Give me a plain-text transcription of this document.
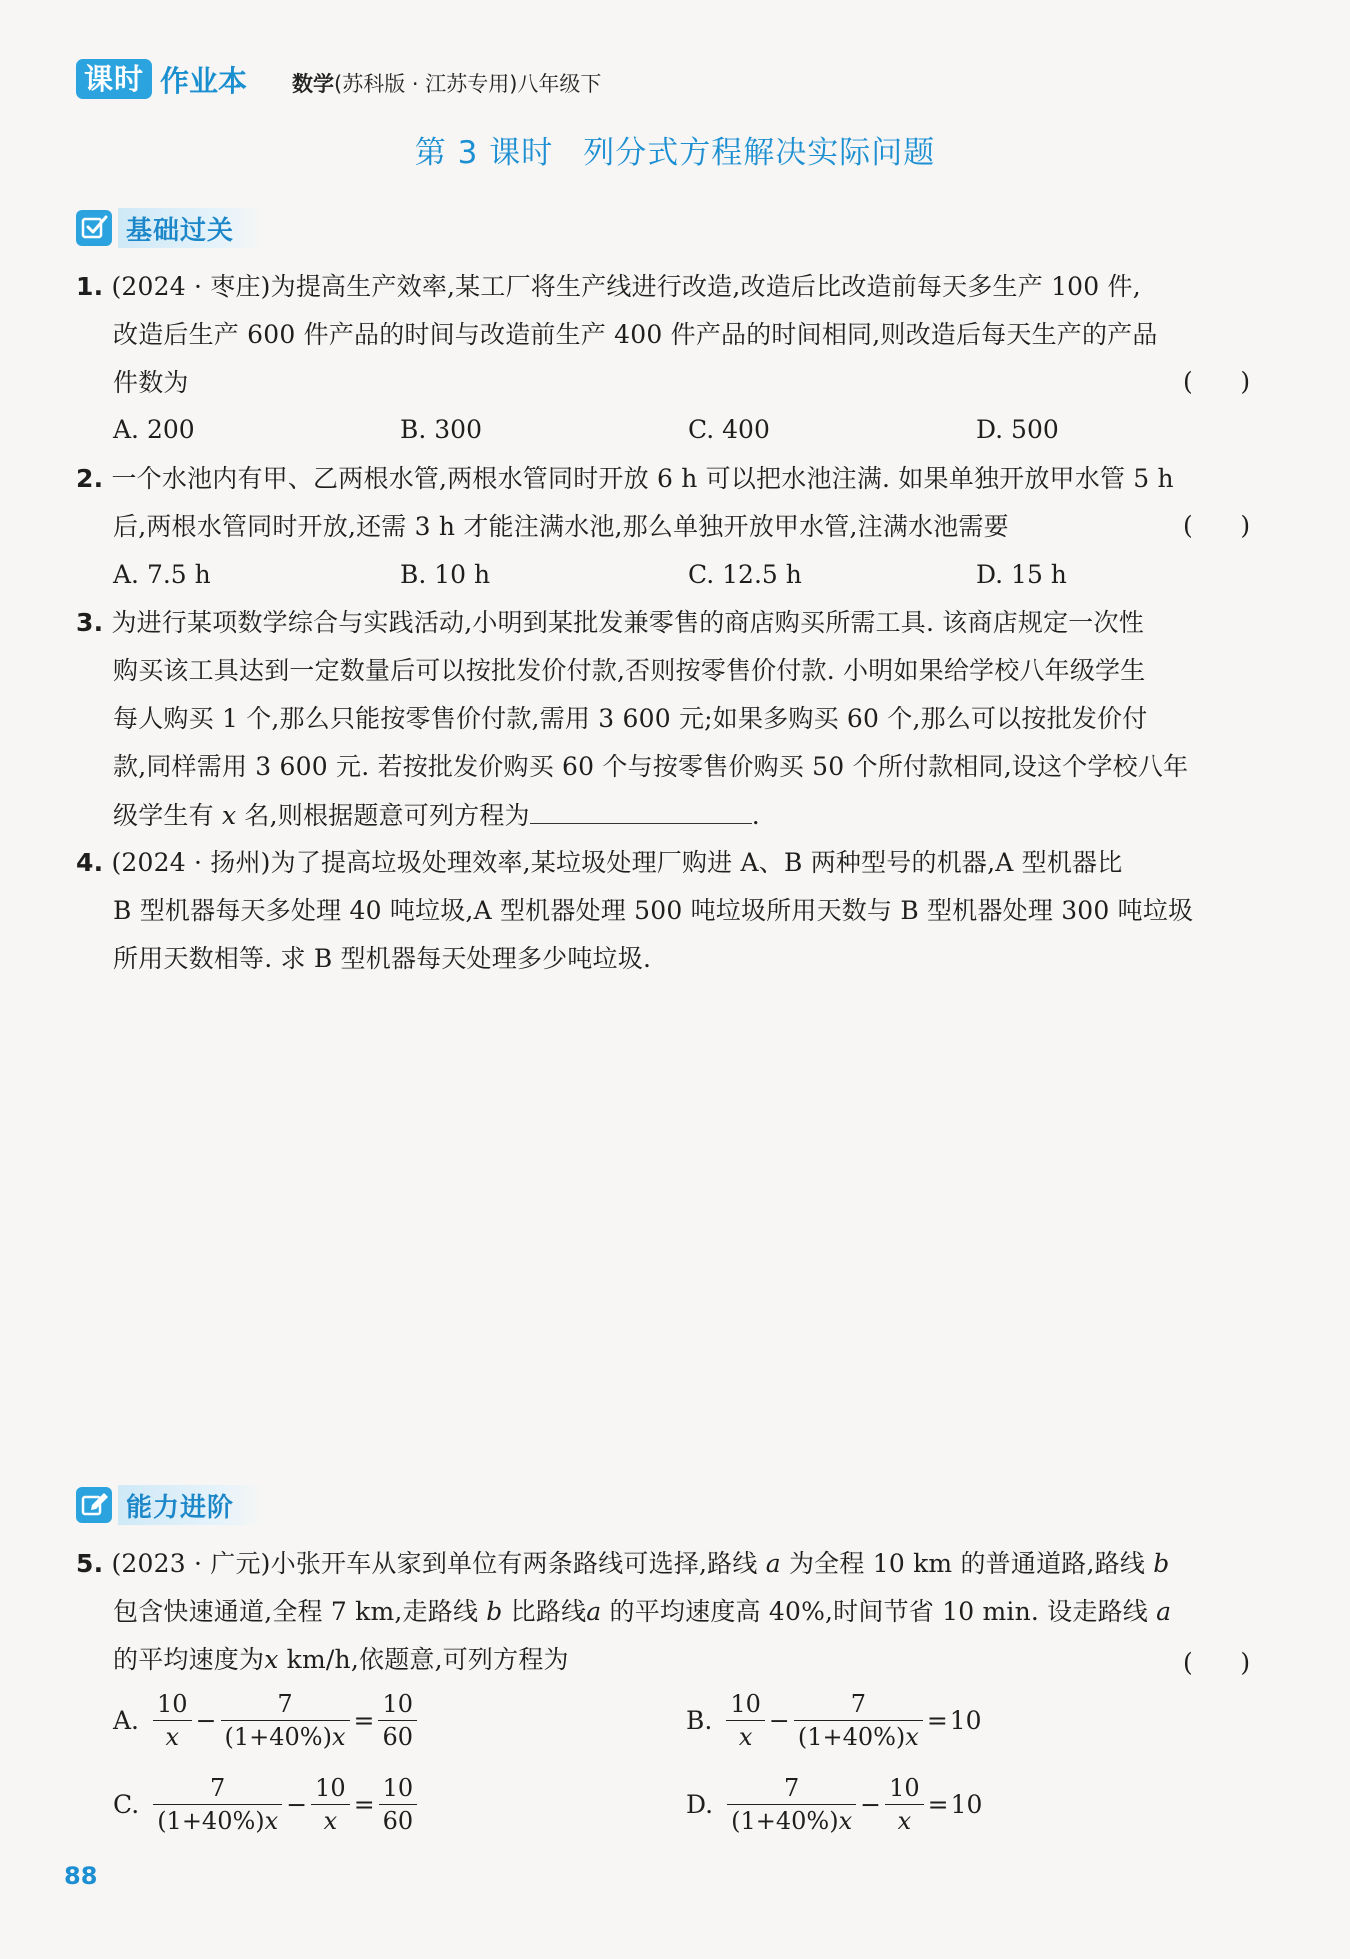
课时 作业本 数学(苏科版 · 江苏专用)八年级下
第 3 课时 列分式方程解决实际问题
基础过关
1. (2024 · 枣庄)为提高生产效率,某工厂将生产线进行改造,改造后比改造前每天多生产 100 件,
改造后生产 600 件产品的时间与改造前生产 400 件产品的时间相同,则改造后每天生产的产品
件数为	(      )
A. 200	B. 300	C. 400	D. 500
2. 一个水池内有甲、乙两根水管,两根水管同时开放 6 h 可以把水池注满. 如果单独开放甲水管 5 h
后,两根水管同时开放,还需 3 h 才能注满水池,那么单独开放甲水管,注满水池需要	(      )
A. 7.5 h	B. 10 h	C. 12.5 h	D. 15 h
3. 为进行某项数学综合与实践活动,小明到某批发兼零售的商店购买所需工具. 该商店规定一次性
购买该工具达到一定数量后可以按批发价付款,否则按零售价付款. 小明如果给学校八年级学生
每人购买 1 个,那么只能按零售价付款,需用 3 600 元;如果多购买 60 个,那么可以按批发价付
款,同样需用 3 600 元. 若按批发价购买 60 个与按零售价购买 50 个所付款相同,设这个学校八年
级学生有 x 名,则根据题意可列方程为	.
4. (2024 · 扬州)为了提高垃圾处理效率,某垃圾处理厂购进 A、B 两种型号的机器,A 型机器比
B 型机器每天多处理 40 吨垃圾,A 型机器处理 500 吨垃圾所用天数与 B 型机器处理 300 吨垃圾
所用天数相等. 求 B 型机器每天处理多少吨垃圾.
能力进阶
5. (2023 · 广元)小张开车从家到单位有两条路线可选择,路线 a 为全程 10 km 的普通道路,路线 b
包含快速通道,全程 7 km,走路线 b 比路线a 的平均速度高 40%,时间节省 10 min. 设走路线 a
的平均速度为x km/h,依题意,可列方程为	(      )
A. $\frac{10}{x} - \frac{7}{(1+40\%)x} = \frac{10}{60}$	B. $\frac{10}{x} - \frac{7}{(1+40\%)x} = 10$
C. $\frac{7}{(1+40\%)x} - \frac{10}{x} = \frac{10}{60}$	D. $\frac{7}{(1+40\%)x} - \frac{10}{x} = 10$
88
